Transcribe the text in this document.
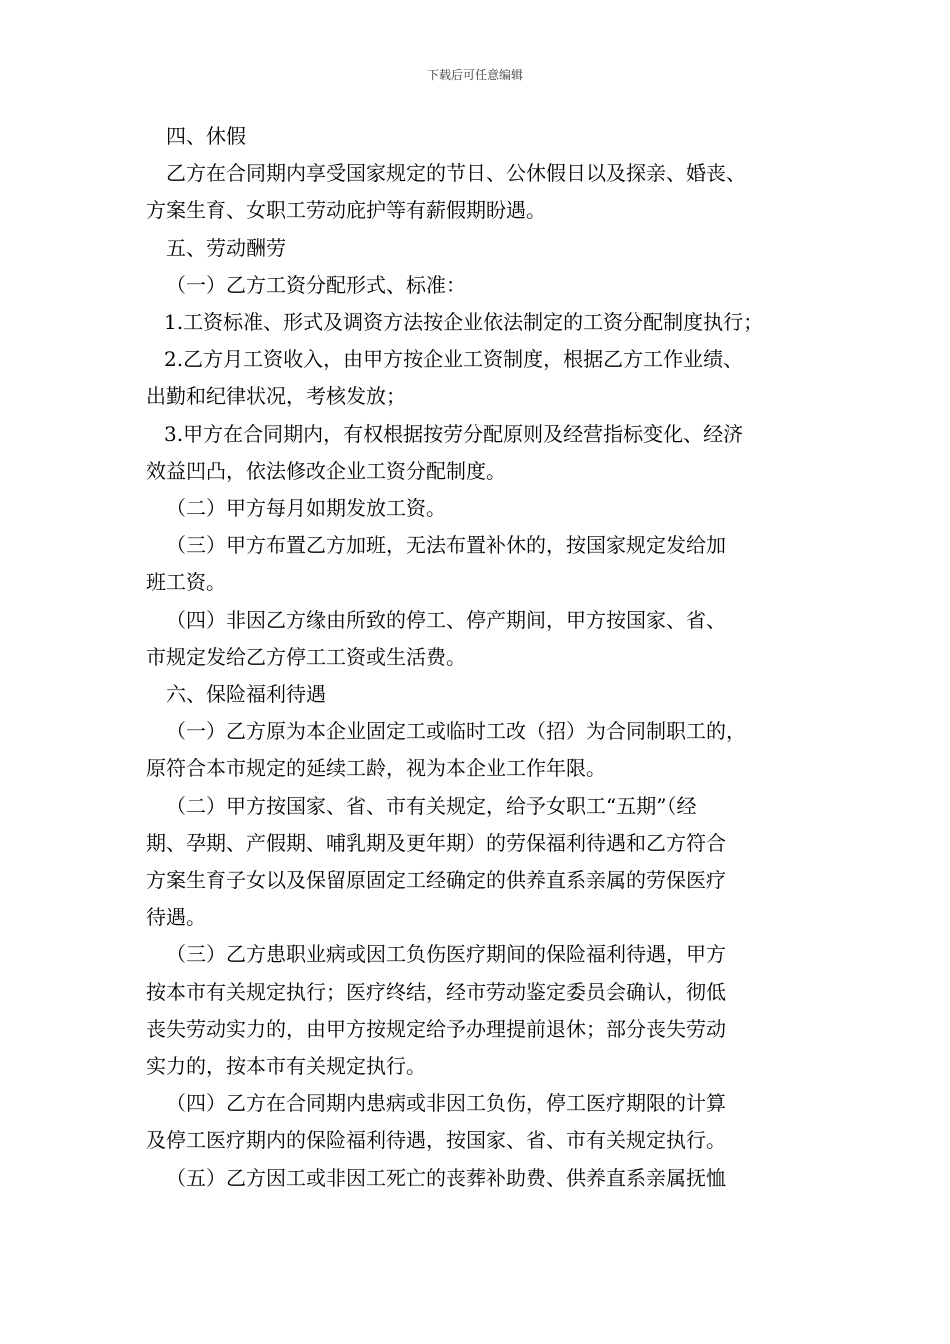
下载后可任意编辑

四、休假

乙方在合同期内享受国家规定的节日、公休假日以及探亲、婚丧、

方案生育、女职工劳动庇护等有薪假期盼遇。

五、劳动酬劳

（一）乙方工资分配形式、标准：

1.工资标准、形式及调资方法按企业依法制定的工资分配制度执行；

2.乙方月工资收入，由甲方按企业工资制度，根据乙方工作业绩、

出勤和纪律状况，考核发放；

3.甲方在合同期内，有权根据按劳分配原则及经营指标变化、经济

效益凹凸，依法修改企业工资分配制度。

（二）甲方每月如期发放工资。

（三）甲方布置乙方加班，无法布置补休的，按国家规定发给加

班工资。

（四）非因乙方缘由所致的停工、停产期间，甲方按国家、省、

市规定发给乙方停工工资或生活费。

六、保险福利待遇

（一）乙方原为本企业固定工或临时工改（招）为合同制职工的，

原符合本市规定的延续工龄，视为本企业工作年限。

（二）甲方按国家、省、市有关规定，给予女职工“五期”（经

期、孕期、产假期、哺乳期及更年期）的劳保福利待遇和乙方符合

方案生育子女以及保留原固定工经确定的供养直系亲属的劳保医疗

待遇。

（三）乙方患职业病或因工负伤医疗期间的保险福利待遇，甲方

按本市有关规定执行；医疗终结，经市劳动鉴定委员会确认，彻低

丧失劳动实力的，由甲方按规定给予办理提前退休；部分丧失劳动

实力的，按本市有关规定执行。

（四）乙方在合同期内患病或非因工负伤，停工医疗期限的计算

及停工医疗期内的保险福利待遇，按国家、省、市有关规定执行。

（五）乙方因工或非因工死亡的丧葬补助费、供养直系亲属抚恤
